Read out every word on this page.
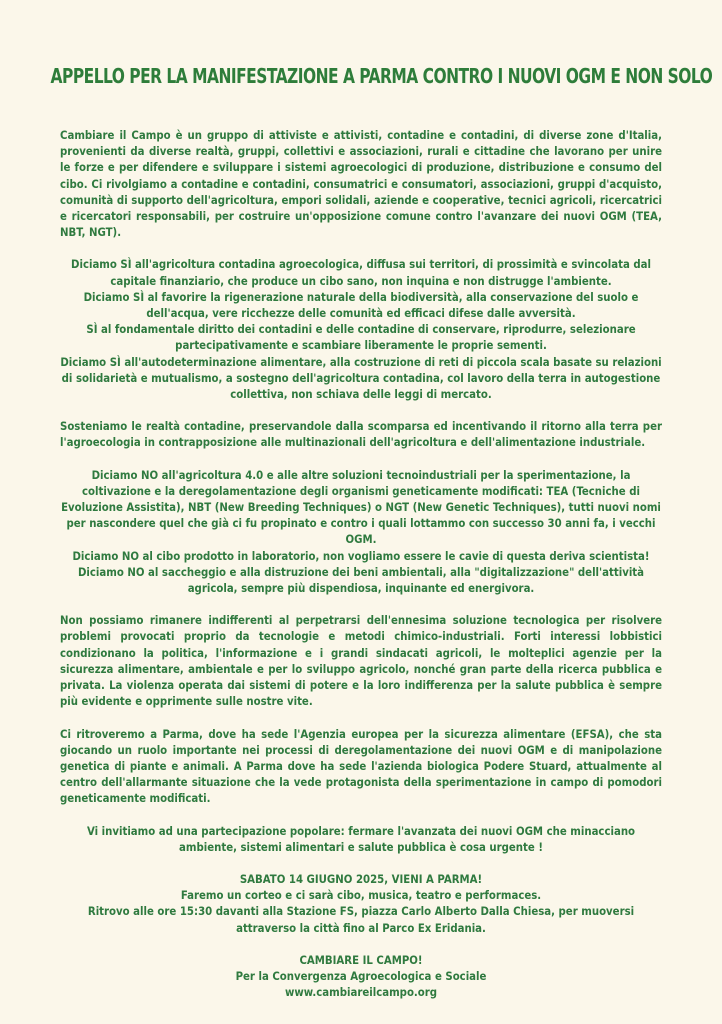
APPELLO PER LA MANIFESTAZIONE A PARMA CONTRO I NUOVI OGM E NON SOLO

Cambiare il Campo è un gruppo di attiviste e attivisti, contadine e contadini, di diverse zone d'Italia, provenienti da diverse realtà, gruppi, collettivi e associazioni, rurali e cittadine che lavorano per unire le forze e per difendere e sviluppare i sistemi agroecologici di produzione, distribuzione e consumo del cibo. Ci rivolgiamo a contadine e contadini, consumatrici e consumatori, associazioni, gruppi d'acquisto, comunità di supporto dell'agricoltura, empori solidali, aziende e cooperative, tecnici agricoli, ricercatrici e ricercatori responsabili, per costruire un'opposizione comune contro l'avanzare dei nuovi OGM (TEA, NBT, NGT).

Diciamo SÌ all'agricoltura contadina agroecologica, diffusa sui territori, di prossimità e svincolata dal capitale finanziario, che produce un cibo sano, non inquina e non distrugge l'ambiente.
Diciamo SÌ al favorire la rigenerazione naturale della biodiversità, alla conservazione del suolo e dell'acqua, vere ricchezze delle comunità ed efficaci difese dalle avversità.
SÌ al fondamentale diritto dei contadini e delle contadine di conservare, riprodurre, selezionare partecipativamente e scambiare liberamente le proprie sementi.
Diciamo SÌ all'autodeterminazione alimentare, alla costruzione di reti di piccola scala basate su relazioni di solidarietà e mutualismo, a sostegno dell'agricoltura contadina, col lavoro della terra in autogestione collettiva, non schiava delle leggi di mercato.

Sosteniamo le realtà contadine, preservandole dalla scomparsa ed incentivando il ritorno alla terra per l'agroecologia in contrapposizione alle multinazionali dell'agricoltura e dell'alimentazione industriale.

Diciamo NO all'agricoltura 4.0 e alle altre soluzioni tecnoindustriali per la sperimentazione, la coltivazione e la deregolamentazione degli organismi geneticamente modificati: TEA (Tecniche di Evoluzione Assistita), NBT (New Breeding Techniques) o NGT (New Genetic Techniques), tutti nuovi nomi per nascondere quel che già ci fu propinato e contro i quali lottammo con successo 30 anni fa, i vecchi OGM.
Diciamo NO al cibo prodotto in laboratorio, non vogliamo essere le cavie di questa deriva scientista!
Diciamo NO al saccheggio e alla distruzione dei beni ambientali, alla "digitalizzazione" dell'attività agricola, sempre più dispendiosa, inquinante ed energivora.

Non possiamo rimanere indifferenti al perpetrarsi dell'ennesima soluzione tecnologica per risolvere problemi provocati proprio da tecnologie e metodi chimico-industriali. Forti interessi lobbistici condizionano la politica, l'informazione e i grandi sindacati agricoli, le molteplici agenzie per la sicurezza alimentare, ambientale e per lo sviluppo agricolo, nonché gran parte della ricerca pubblica e privata. La violenza operata dai sistemi di potere e la loro indifferenza per la salute pubblica è sempre più evidente e opprimente sulle nostre vite.

Ci ritroveremo a Parma, dove ha sede l'Agenzia europea per la sicurezza alimentare (EFSA), che sta giocando un ruolo importante nei processi di deregolamentazione dei nuovi OGM e di manipolazione genetica di piante e animali. A Parma dove ha sede l'azienda biologica Podere Stuard, attualmente al centro dell'allarmante situazione che la vede protagonista della sperimentazione in campo di pomodori geneticamente modificati.

Vi invitiamo ad una partecipazione popolare: fermare l'avanzata dei nuovi OGM che minacciano ambiente, sistemi alimentari e salute pubblica è cosa urgente !

SABATO 14 GIUGNO 2025, VIENI A PARMA!
Faremo un corteo e ci sarà cibo, musica, teatro e performaces.
Ritrovo alle ore 15:30 davanti alla Stazione FS, piazza Carlo Alberto Dalla Chiesa, per muoversi attraverso la città fino al Parco Ex Eridania.

CAMBIARE IL CAMPO!
Per la Convergenza Agroecologica e Sociale
www.cambiareilcampo.org
